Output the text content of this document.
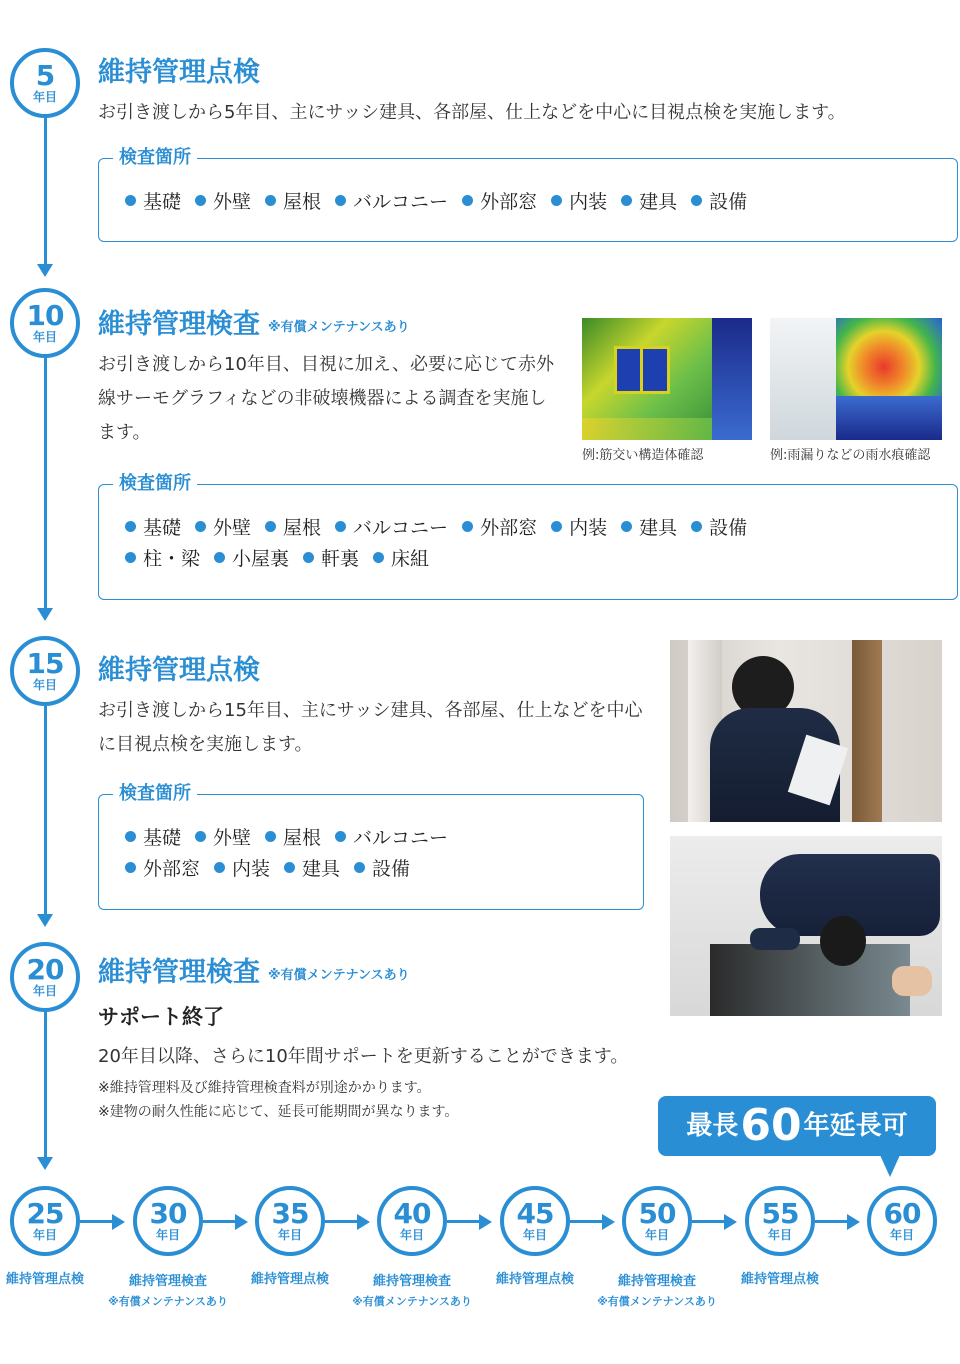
5
年目
維持管理点検
お引き渡しから5年目、主にサッシ建具、各部屋、仕上などを中心に目視点検を実施します。
検査箇所
基礎 外壁 屋根 バルコニー 外部窓 内装 建具 設備
10
年目	維持管理検査 ※有償メンテナンスあり
お引き渡しから10年目、目視に加え、必要に応じて赤外線サーモグラフィなどの非破壊機器による調査を実施します。
例:筋交い構造体確認	例:雨漏りなどの雨水痕確認
検査箇所
基礎 外壁 屋根 バルコニー 外部窓 内装 建具 設備
柱・梁 小屋裏 軒裏 床組
15
年目	維持管理点検
お引き渡しから15年目、主にサッシ建具、各部屋、仕上などを中心に目視点検を実施します。
検査箇所
基礎 外壁 屋根 バルコニー
外部窓 内装 建具 設備
20
年目
維持管理検査 ※有償メンテナンスあり
サポート終了
20年目以降、さらに10年間サポートを更新することができます。
※維持管理料及び維持管理検査料が別途かかります。
※建物の耐久性能に応じて、延長可能期間が異なります。	最長60年延長可
25
年目
30
年目
35
年目
40
年目
45
年目
50
年目
55
年目
60
年目
維持管理点検	維持管理検査
※有償メンテナンスあり
維持管理点検	維持管理検査
※有償メンテナンスあり
維持管理点検	維持管理検査
※有償メンテナンスあり
維持管理点検
